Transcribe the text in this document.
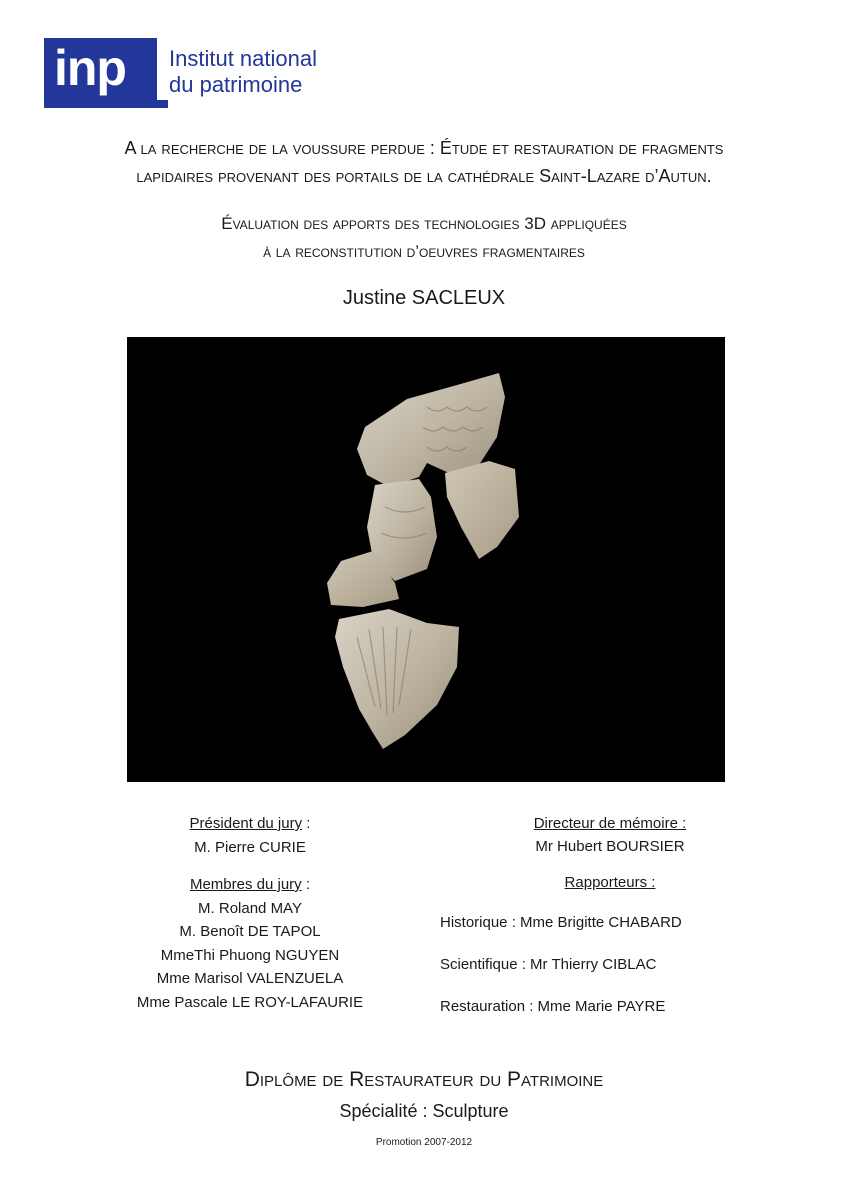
inp Institut national
du patrimoine
A la recherche de la voussure perdue : Étude et restauration de fragments
lapidaires provenant des portails de la cathédrale Saint-Lazare d’Autun.
Évaluation des apports des technologies 3D appliquées
à la reconstitution d’oeuvres fragmentaires
Justine SACLEUX
Président du jury :
M. Pierre CURIE
Membres du jury :
M. Roland MAY
M. Benoît DE TAPOL
MmeThi Phuong NGUYEN
Mme Marisol VALENZUELA
Mme Pascale LE ROY-LAFAURIE
Directeur de mémoire :
Mr Hubert BOURSIER
Rapporteurs :
Historique : Mme Brigitte CHABARD
Scientifique : Mr Thierry CIBLAC
Restauration : Mme Marie PAYRE
Diplôme de Restaurateur du Patrimoine
Spécialité : Sculpture
Promotion 2007-2012
